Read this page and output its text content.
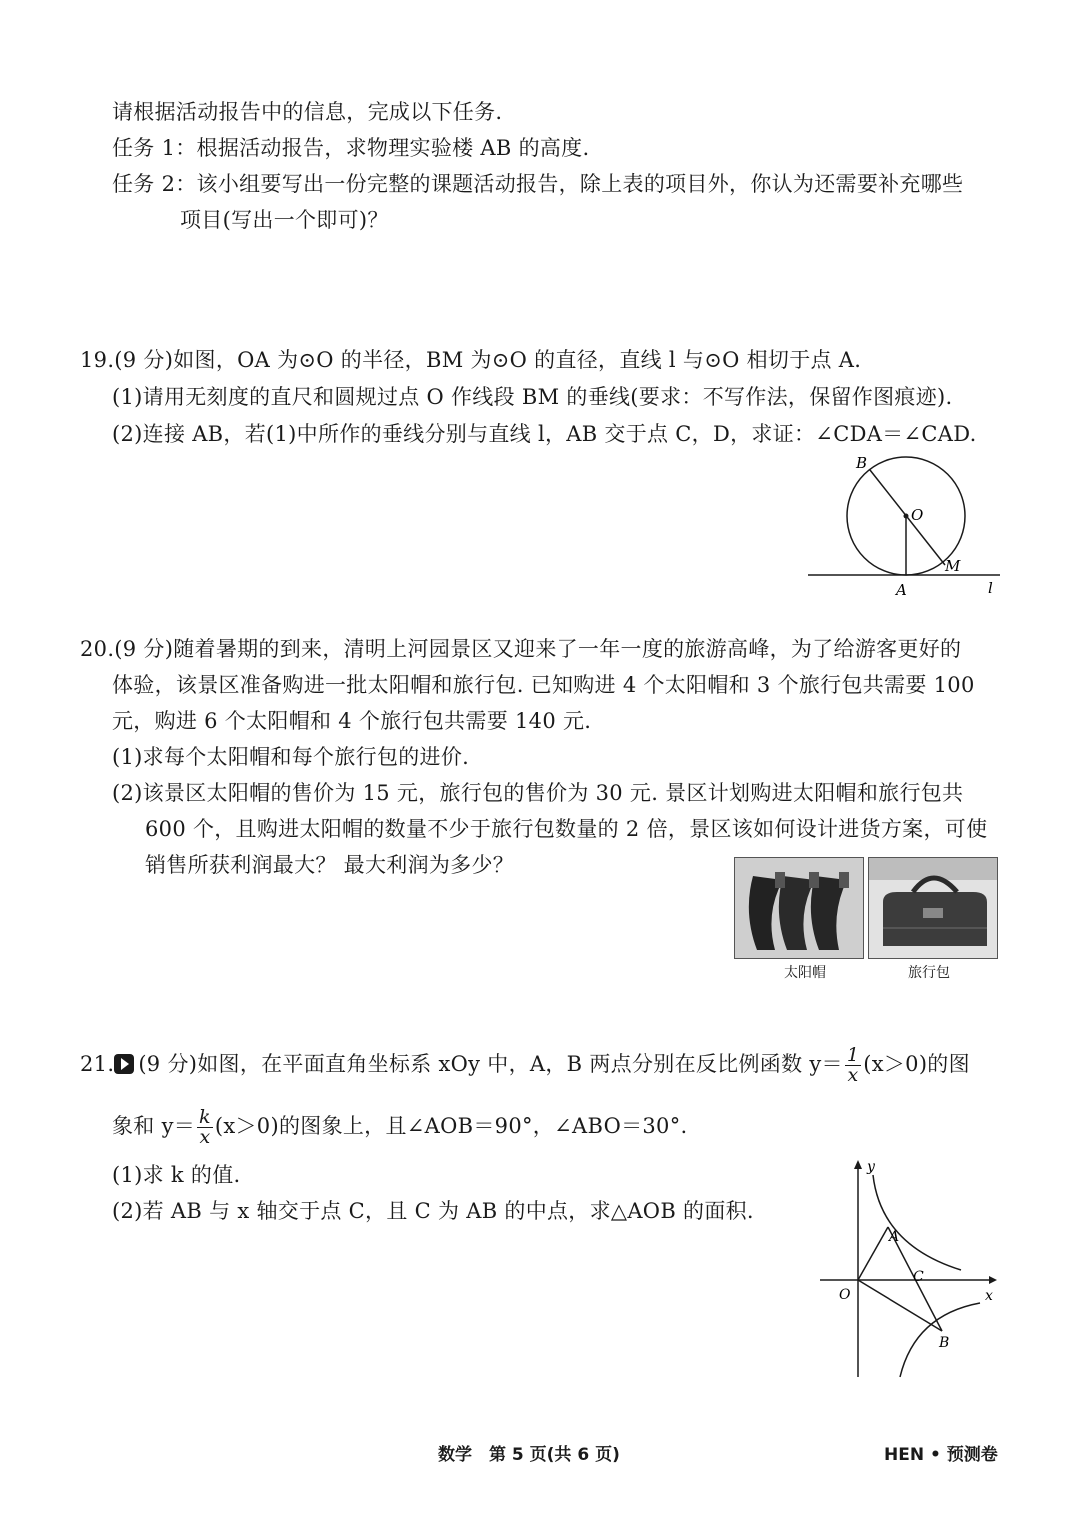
请根据活动报告中的信息，完成以下任务.
任务 1：根据活动报告，求物理实验楼 AB 的高度.
任务 2：该小组要写出一份完整的课题活动报告，除上表的项目外，你认为还需要补充哪些
项目(写出一个即可)？
19.(9 分)如图，OA 为⊙O 的半径，BM 为⊙O 的直径，直线 l 与⊙O 相切于点 A.
(1)请用无刻度的直尺和圆规过点 O 作线段 BM 的垂线(要求：不写作法，保留作图痕迹).
(2)连接 AB，若(1)中所作的垂线分别与直线 l，AB 交于点 C，D，求证：∠CDA＝∠CAD.
B
O
M
A	l
20.(9 分)随着暑期的到来，清明上河园景区又迎来了一年一度的旅游高峰，为了给游客更好的
体验，该景区准备购进一批太阳帽和旅行包. 已知购进 4 个太阳帽和 3 个旅行包共需要 100
元，购进 6 个太阳帽和 4 个旅行包共需要 140 元.
(1)求每个太阳帽和每个旅行包的进价.
(2)该景区太阳帽的售价为 15 元，旅行包的售价为 30 元. 景区计划购进太阳帽和旅行包共
600 个，且购进太阳帽的数量不少于旅行包数量的 2 倍，景区该如何设计进货方案，可使
销售所获利润最大？ 最大利润为多少？
太阳帽	旅行包
21. (9 分)如图，在平面直角坐标系 xOy 中，A，B 两点分别在反比例函数 $y= \frac{1}{x} (x>0)$的图
象和 $y= \frac{k}{x} (x>0)$的图象上，且∠AOB＝90°，∠ABO＝30°.
(1)求 k 的值.
(2)若 AB 与 x 轴交于点 C，且 C 为 AB 的中点，求△AOB 的面积.
y
x
O
A
C
B
数学　第 5 页(共 6 页)	HEN • 预测卷
